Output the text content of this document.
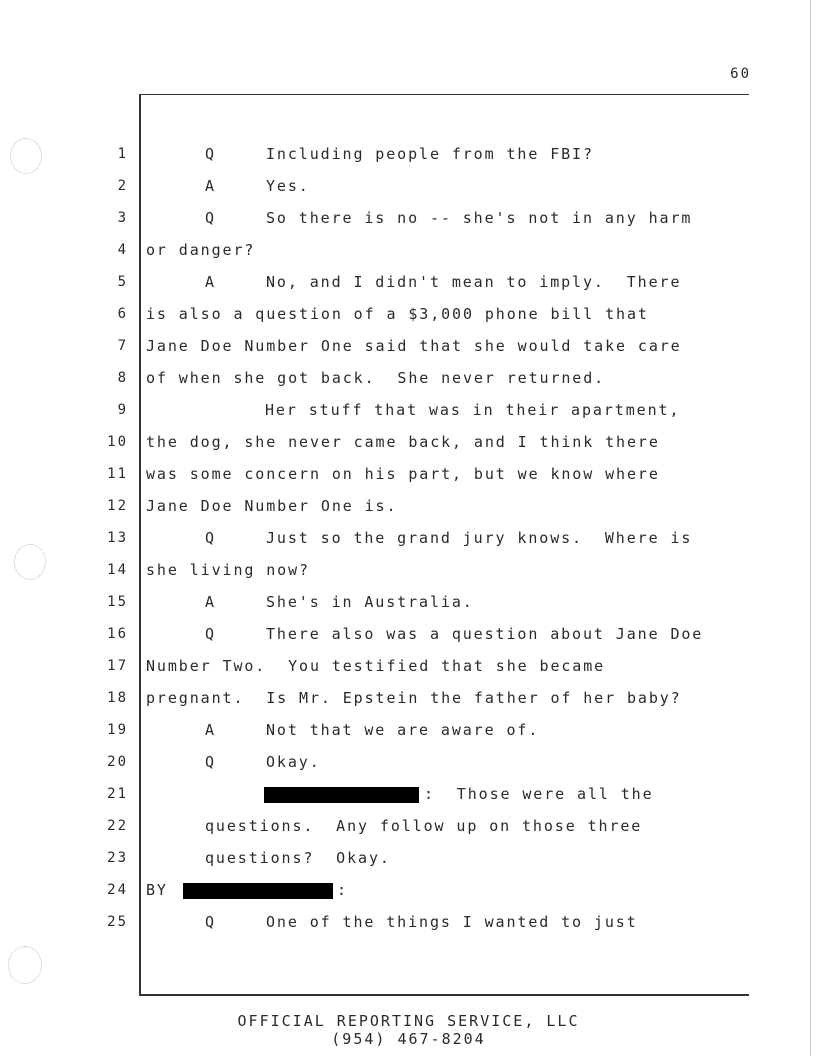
60
1	Q	Including people from the FBI?
2	A	Yes.
3	Q	So there is no -- she's not in any harm
4 or danger?
5	A	No, and I didn't mean to imply.  There
6 is also a question of a $3,000 phone bill that
7 Jane Doe Number One said that she would take care
8 of when she got back.  She never returned.
9	Her stuff that was in their apartment,
10 the dog, she never came back, and I think there
11 was some concern on his part, but we know where
12 Jane Doe Number One is.
13	Q	Just so the grand jury knows.  Where is
14 she living now?
15	A	She's in Australia.
16	Q	There also was a question about Jane Doe
17 Number Two.  You testified that she became
18 pregnant.  Is Mr. Epstein the father of her baby?
19	A	Not that we are aware of.
20	Q	Okay.
21	:  Those were all the
22	questions.  Any follow up on those three
23	questions?  Okay.
24 BY	:
25	Q	One of the things I wanted to just
OFFICIAL REPORTING SERVICE, LLC
(954) 467-8204
